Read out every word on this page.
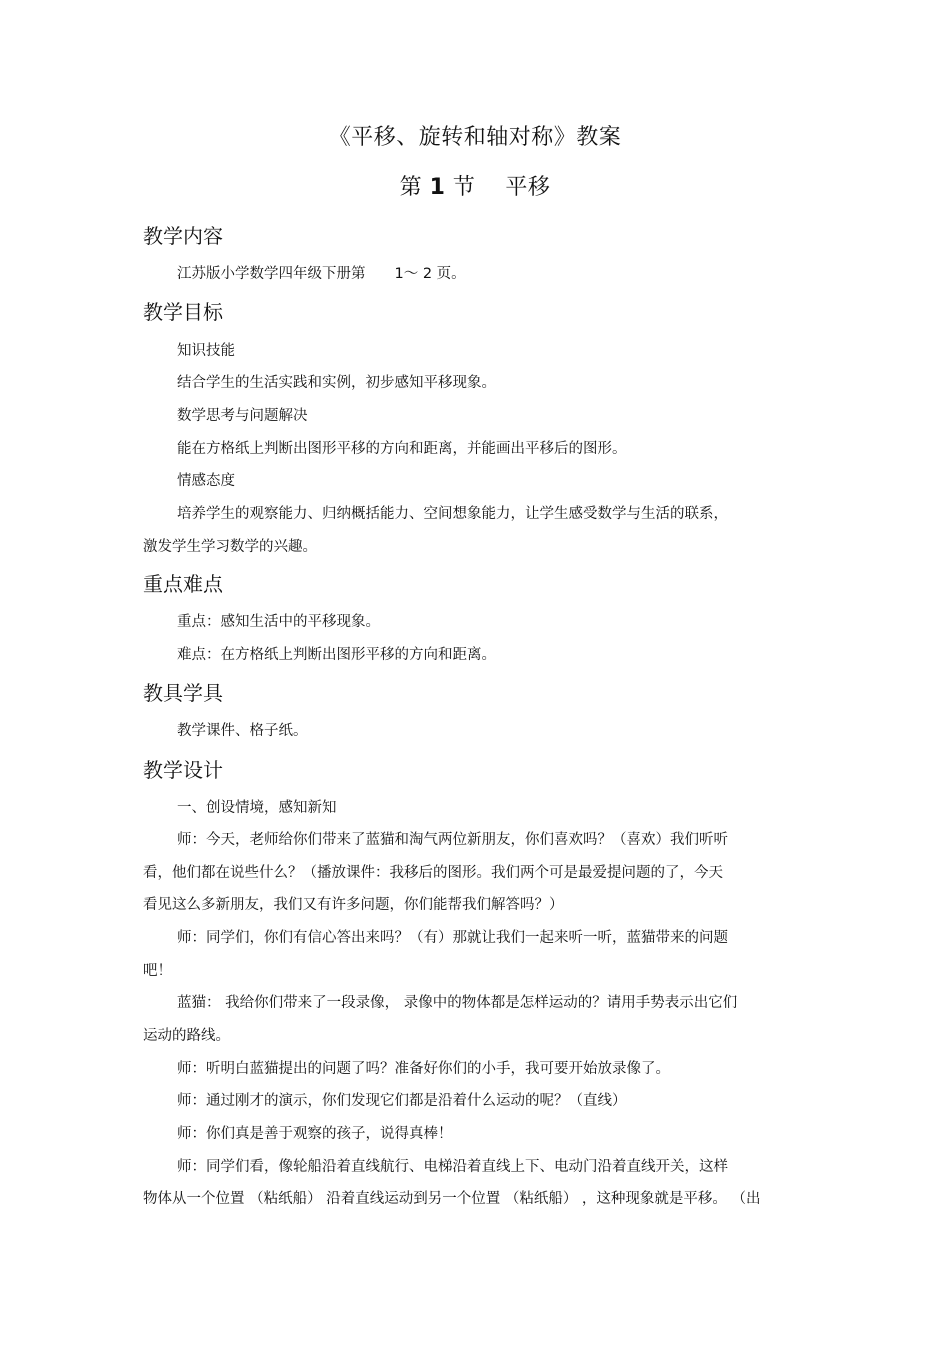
《平移、旋转和轴对称》教案
第 1 节 平移
教学内容
江苏版小学数学四年级下册第　　1～ 2 页。
教学目标
知识技能
结合学生的生活实践和实例，初步感知平移现象。
数学思考与问题解决
能在方格纸上判断出图形平移的方向和距离，并能画出平移后的图形。
情感态度
培养学生的观察能力、归纳概括能力、空间想象能力，让学生感受数学与生活的联系，
激发学生学习数学的兴趣。
重点难点
重点：感知生活中的平移现象。
难点：在方格纸上判断出图形平移的方向和距离。
教具学具
教学课件、格子纸。
教学设计
一、创设情境，感知新知
师：今天，老师给你们带来了蓝猫和淘气两位新朋友，你们喜欢吗？（喜欢）我们听听
看，他们都在说些什么？（播放课件：我移后的图形。我们两个可是最爱提问题的了，今天
看见这么多新朋友，我们又有许多问题，你们能帮我们解答吗？）
师：同学们，你们有信心答出来吗？（有）那就让我们一起来听一听，蓝猫带来的问题
吧！
蓝猫： 我给你们带来了一段录像， 录像中的物体都是怎样运动的？请用手势表示出它们
运动的路线。
师：听明白蓝猫提出的问题了吗？准备好你们的小手，我可要开始放录像了。
师：通过刚才的演示，你们发现它们都是沿着什么运动的呢？（直线）
师：你们真是善于观察的孩子，说得真棒！
师：同学们看，像轮船沿着直线航行、电梯沿着直线上下、电动门沿着直线开关，这样
物体从一个位置 （粘纸船） 沿着直线运动到另一个位置 （粘纸船） ，这种现象就是平移。 （出
